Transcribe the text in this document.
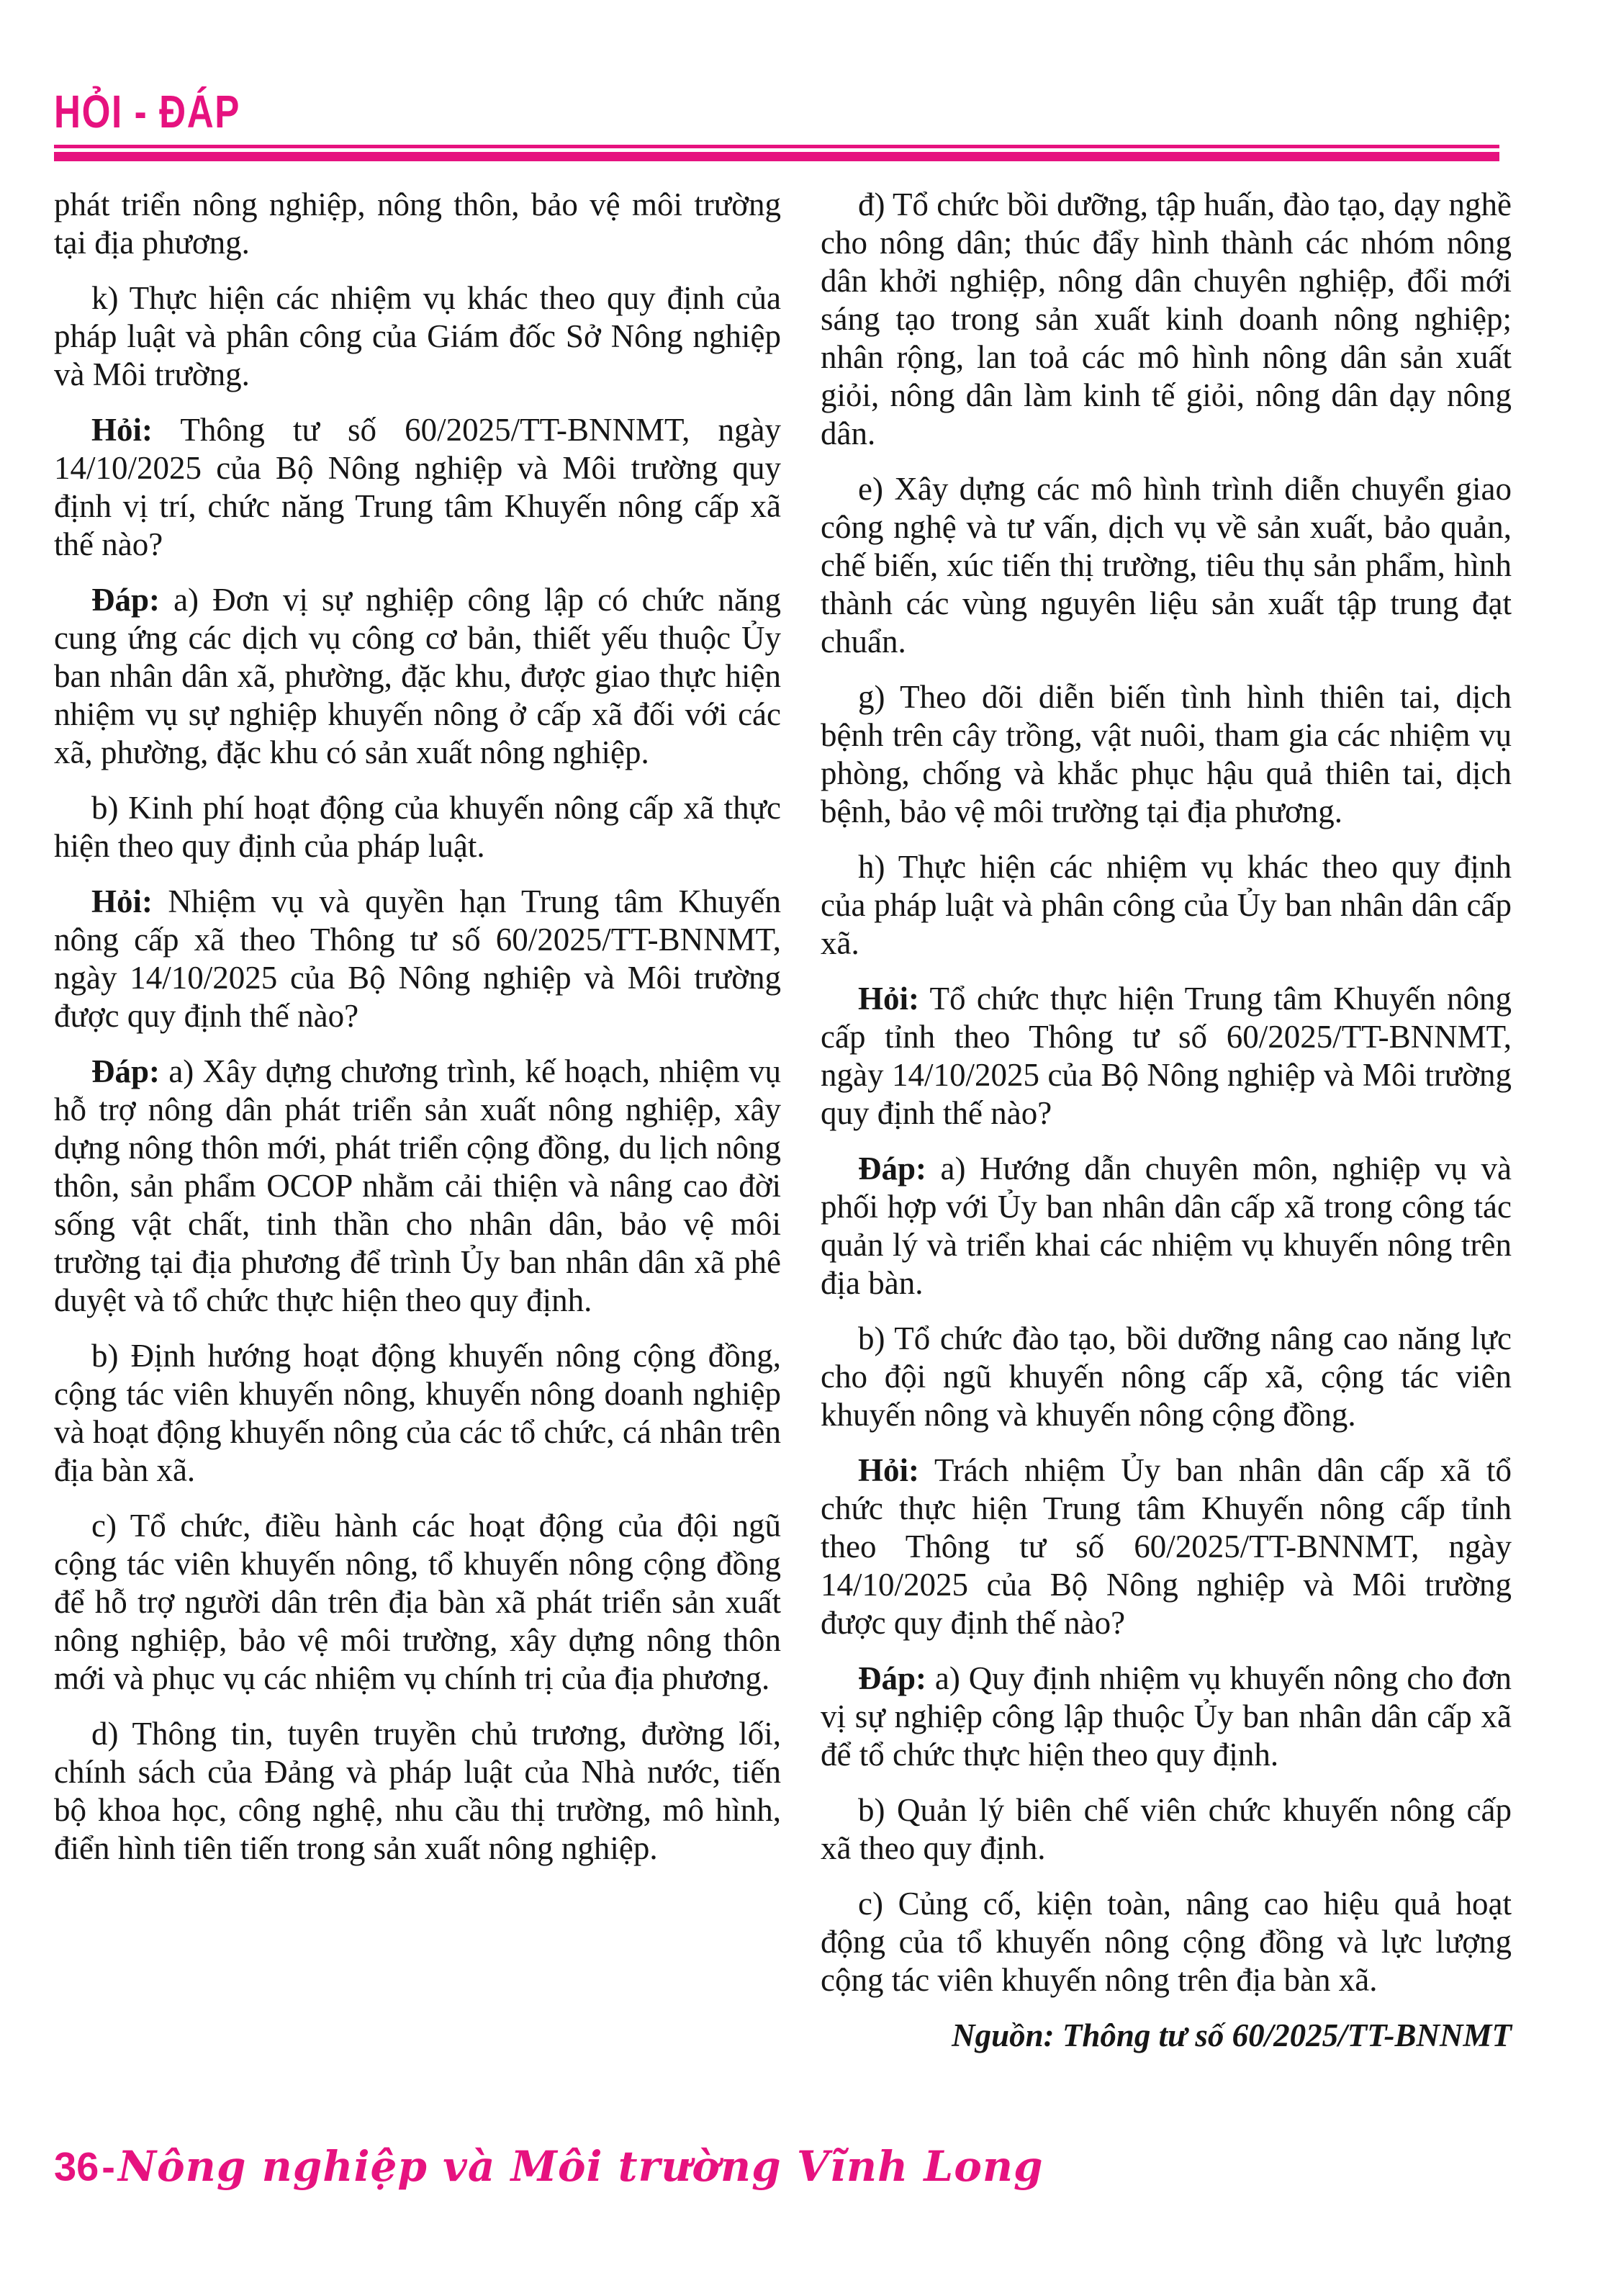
HỎI - ĐÁP

phát triển nông nghiệp, nông thôn, bảo vệ môi trường tại địa phương.

k) Thực hiện các nhiệm vụ khác theo quy định của pháp luật và phân công của Giám đốc Sở Nông nghiệp và Môi trường.

Hỏi: Thông tư số 60/2025/TT-BNNMT, ngày 14/10/2025 của Bộ Nông nghiệp và Môi trường quy định vị trí, chức năng Trung tâm Khuyến nông cấp xã thế nào?

Đáp: a) Đơn vị sự nghiệp công lập có chức năng cung ứng các dịch vụ công cơ bản, thiết yếu thuộc Ủy ban nhân dân xã, phường, đặc khu, được giao thực hiện nhiệm vụ sự nghiệp khuyến nông ở cấp xã đối với các xã, phường, đặc khu có sản xuất nông nghiệp.

b) Kinh phí hoạt động của khuyến nông cấp xã thực hiện theo quy định của pháp luật.

Hỏi: Nhiệm vụ và quyền hạn Trung tâm Khuyến nông cấp xã theo Thông tư số 60/2025/TT-BNNMT, ngày 14/10/2025 của Bộ Nông nghiệp và Môi trường được quy định thế nào?

Đáp: a) Xây dựng chương trình, kế hoạch, nhiệm vụ hỗ trợ nông dân phát triển sản xuất nông nghiệp, xây dựng nông thôn mới, phát triển cộng đồng, du lịch nông thôn, sản phẩm OCOP nhằm cải thiện và nâng cao đời sống vật chất, tinh thần cho nhân dân, bảo vệ môi trường tại địa phương để trình Ủy ban nhân dân xã phê duyệt và tổ chức thực hiện theo quy định.

b) Định hướng hoạt động khuyến nông cộng đồng, cộng tác viên khuyến nông, khuyến nông doanh nghiệp và hoạt động khuyến nông của các tổ chức, cá nhân trên địa bàn xã.

c) Tổ chức, điều hành các hoạt động của đội ngũ cộng tác viên khuyến nông, tổ khuyến nông cộng đồng để hỗ trợ người dân trên địa bàn xã phát triển sản xuất nông nghiệp, bảo vệ môi trường, xây dựng nông thôn mới và phục vụ các nhiệm vụ chính trị của địa phương.

d) Thông tin, tuyên truyền chủ trương, đường lối, chính sách của Đảng và pháp luật của Nhà nước, tiến bộ khoa học, công nghệ, nhu cầu thị trường, mô hình, điển hình tiên tiến trong sản xuất nông nghiệp.

đ) Tổ chức bồi dưỡng, tập huấn, đào tạo, dạy nghề cho nông dân; thúc đẩy hình thành các nhóm nông dân khởi nghiệp, nông dân chuyên nghiệp, đổi mới sáng tạo trong sản xuất kinh doanh nông nghiệp; nhân rộng, lan toả các mô hình nông dân sản xuất giỏi, nông dân làm kinh tế giỏi, nông dân dạy nông dân.

e) Xây dựng các mô hình trình diễn chuyển giao công nghệ và tư vấn, dịch vụ về sản xuất, bảo quản, chế biến, xúc tiến thị trường, tiêu thụ sản phẩm, hình thành các vùng nguyên liệu sản xuất tập trung đạt chuẩn.

g) Theo dõi diễn biến tình hình thiên tai, dịch bệnh trên cây trồng, vật nuôi, tham gia các nhiệm vụ phòng, chống và khắc phục hậu quả thiên tai, dịch bệnh, bảo vệ môi trường tại địa phương.

h) Thực hiện các nhiệm vụ khác theo quy định của pháp luật và phân công của Ủy ban nhân dân cấp xã.

Hỏi: Tổ chức thực hiện Trung tâm Khuyến nông cấp tỉnh theo Thông tư số 60/2025/TT-BNNMT, ngày 14/10/2025 của Bộ Nông nghiệp và Môi trường quy định thế nào?

Đáp: a) Hướng dẫn chuyên môn, nghiệp vụ và phối hợp với Ủy ban nhân dân cấp xã trong công tác quản lý và triển khai các nhiệm vụ khuyến nông trên địa bàn.

b) Tổ chức đào tạo, bồi dưỡng nâng cao năng lực cho đội ngũ khuyến nông cấp xã, cộng tác viên khuyến nông và khuyến nông cộng đồng.

Hỏi: Trách nhiệm Ủy ban nhân dân cấp xã tổ chức thực hiện Trung tâm Khuyến nông cấp tỉnh theo Thông tư số 60/2025/TT-BNNMT, ngày 14/10/2025 của Bộ Nông nghiệp và Môi trường được quy định thế nào?

Đáp: a) Quy định nhiệm vụ khuyến nông cho đơn vị sự nghiệp công lập thuộc Ủy ban nhân dân cấp xã để tổ chức thực hiện theo quy định.

b) Quản lý biên chế viên chức khuyến nông cấp xã theo quy định.

c) Củng cố, kiện toàn, nâng cao hiệu quả hoạt động của tổ khuyến nông cộng đồng và lực lượng cộng tác viên khuyến nông trên địa bàn xã.

Nguồn: Thông tư số 60/2025/TT-BNNMT

36 - Nông nghiệp và Môi trường Vĩnh Long
